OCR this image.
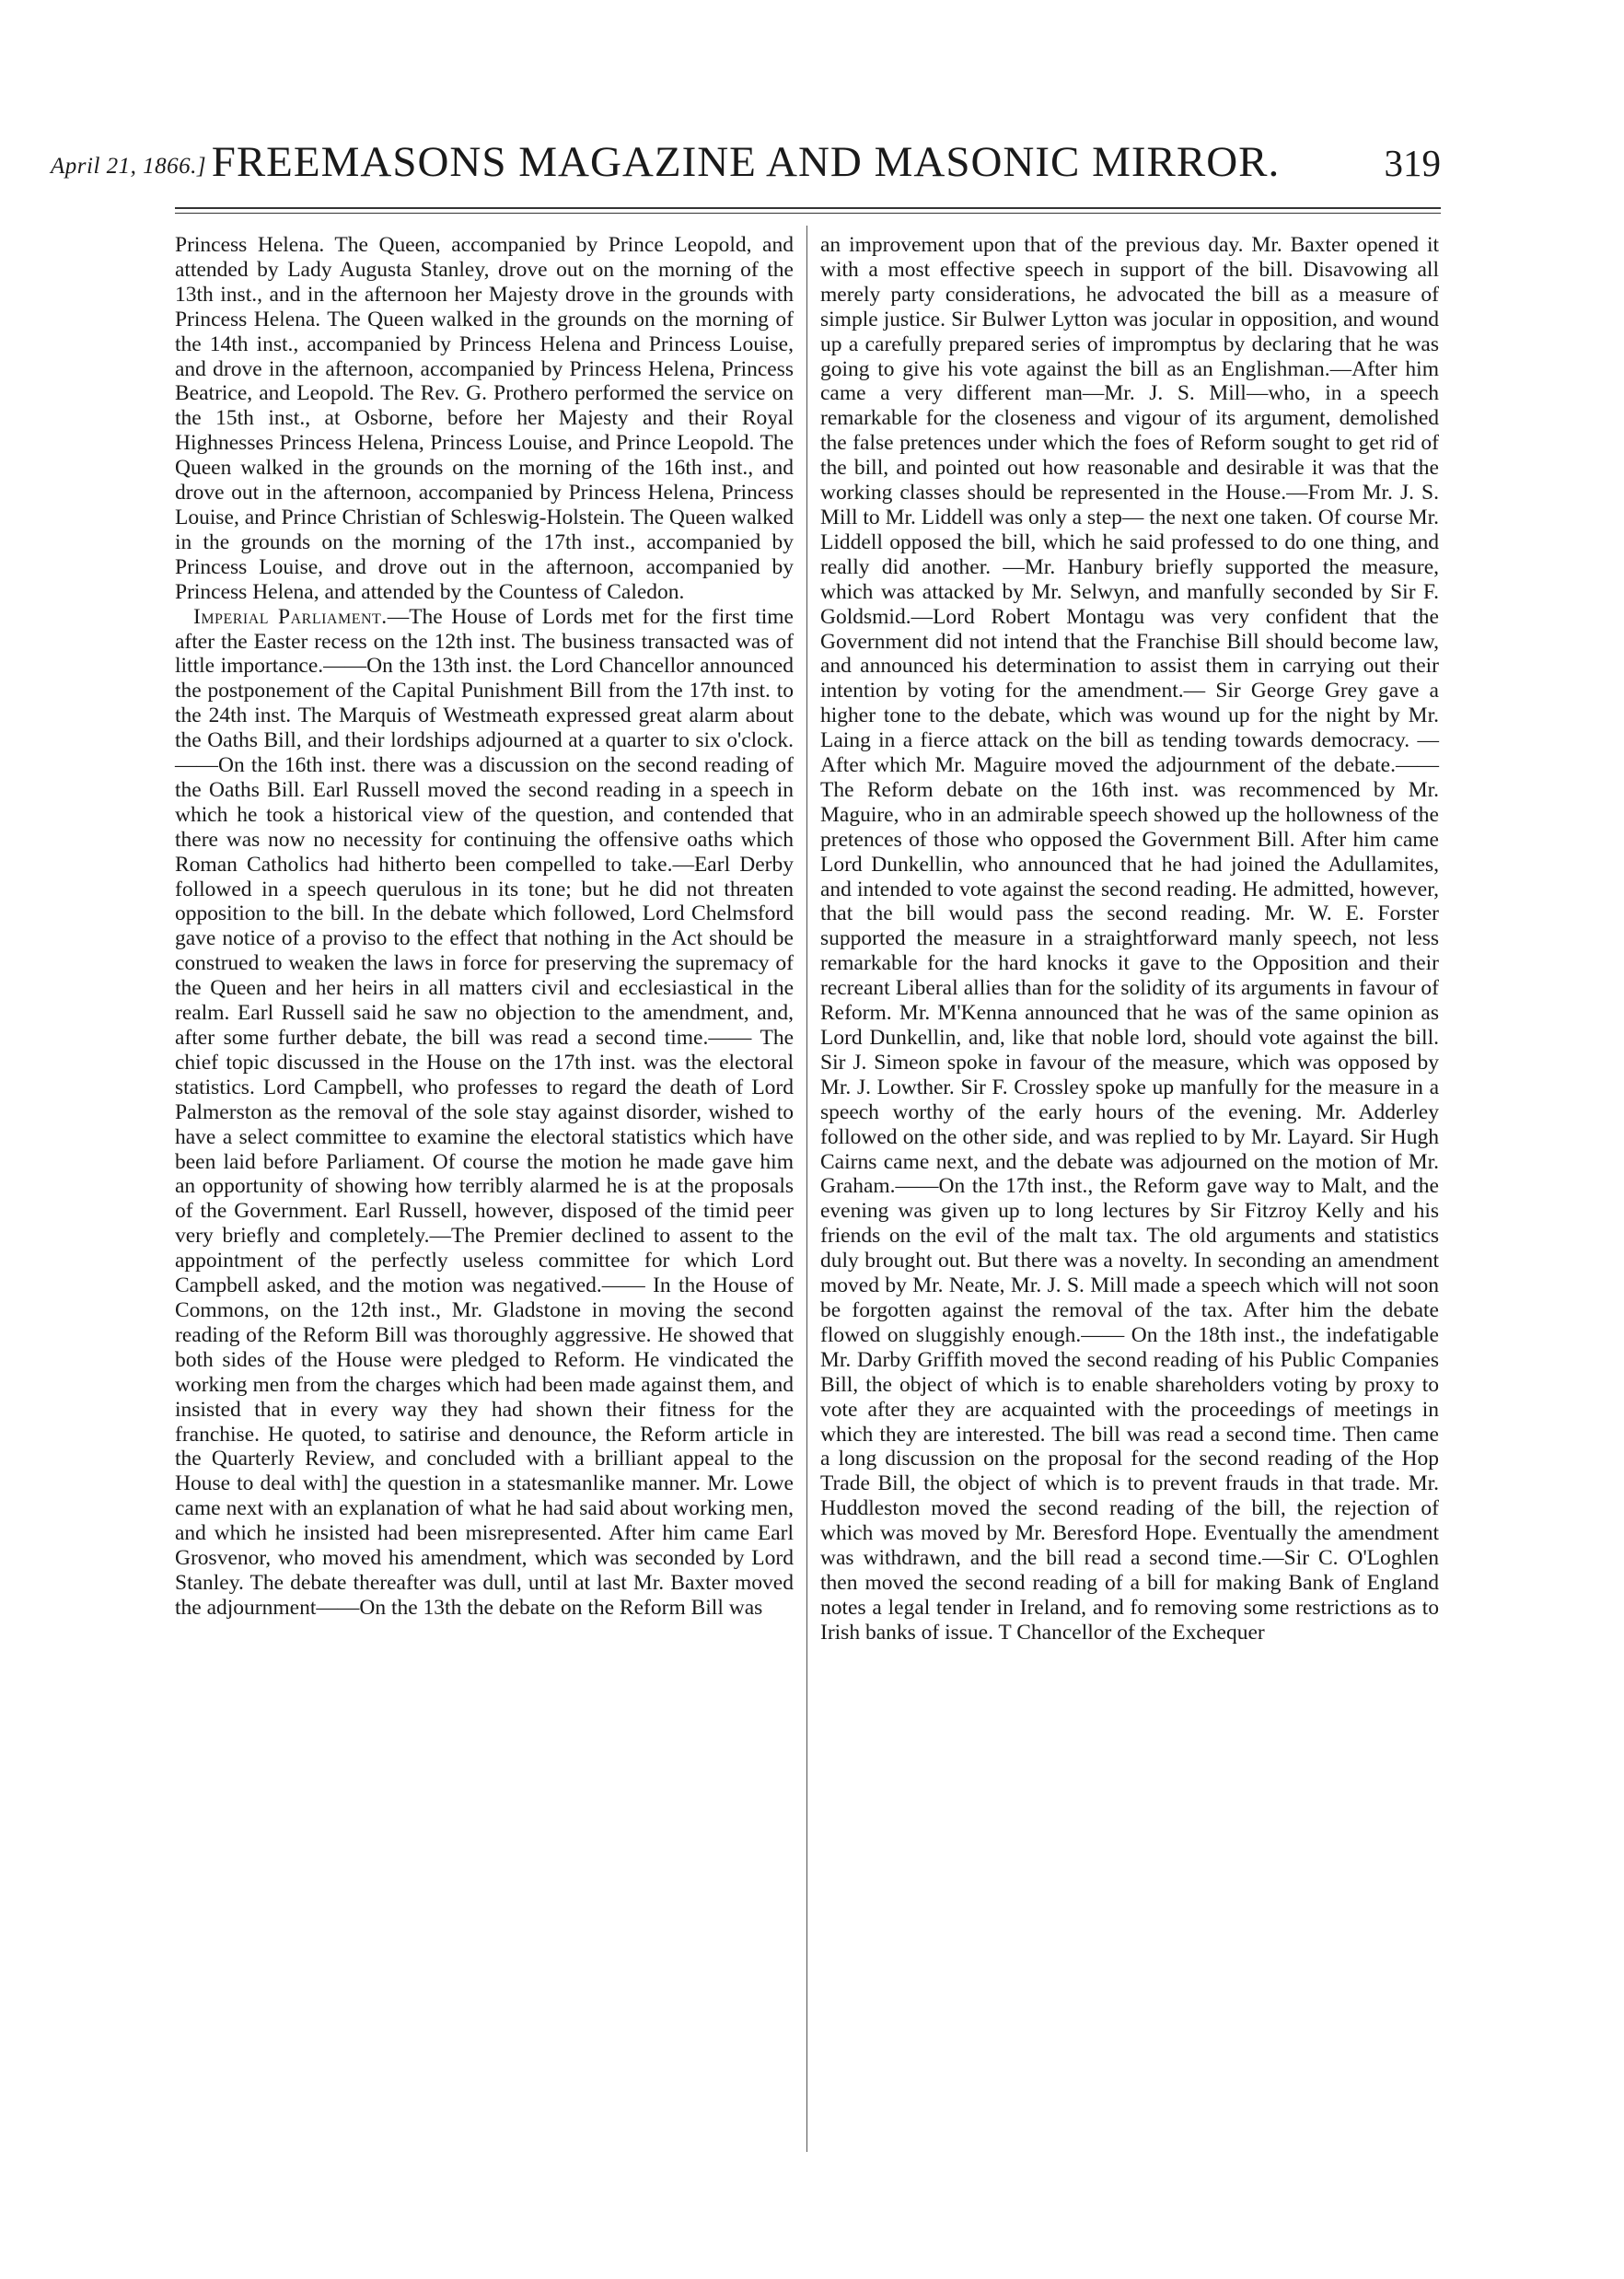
April 21, 1866.] FREEMASONS MAGAZINE AND MASONIC MIRROR.	319

Princess Helena. The Queen, accompanied by Prince Leopold, and attended by Lady Augusta Stanley, drove out on the morning of the 13th inst., and in the afternoon her Majesty drove in the grounds with Princess Helena. The Queen walked in the grounds on the morning of the 14th inst., accompanied by Princess Helena and Princess Louise, and drove in the afternoon, accompanied by Princess Helena, Princess Beatrice, and Leopold. The Rev. G. Prothero performed the service on the 15th inst., at Osborne, before her Majesty and their Royal Highnesses Princess Helena, Princess Louise, and Prince Leopold. The Queen walked in the grounds on the morning of the 16th inst., and drove out in the afternoon, accompanied by Princess Helena, Princess Louise, and Prince Christian of Schleswig-Holstein. The Queen walked in the grounds on the morning of the 17th inst., accompanied by Princess Louise, and drove out in the afternoon, accompanied by Princess Helena, and attended by the Countess of Caledon.

Imperial Parliament.—The House of Lords met for the first time after the Easter recess on the 12th inst. The business transacted was of little importance.——On the 13th inst. the Lord Chancellor announced the postponement of the Capital Punishment Bill from the 17th inst. to the 24th inst. The Marquis of Westmeath expressed great alarm about the Oaths Bill, and their lordships adjourned at a quarter to six o'clock. ——On the 16th inst. there was a discussion on the second reading of the Oaths Bill. Earl Russell moved the second reading in a speech in which he took a historical view of the question, and contended that there was now no necessity for continuing the offensive oaths which Roman Catholics had hitherto been compelled to take.—Earl Derby followed in a speech querulous in its tone; but he did not threaten opposition to the bill. In the debate which followed, Lord Chelmsford gave notice of a proviso to the effect that nothing in the Act should be construed to weaken the laws in force for preserving the supremacy of the Queen and her heirs in all matters civil and ecclesiastical in the realm. Earl Russell said he saw no objection to the amendment, and, after some further debate, the bill was read a second time.—— The chief topic discussed in the House on the 17th inst. was the electoral statistics. Lord Campbell, who professes to regard the death of Lord Palmerston as the removal of the sole stay against disorder, wished to have a select committee to examine the electoral statistics which have been laid before Parliament. Of course the motion he made gave him an opportunity of showing how terribly alarmed he is at the proposals of the Government. Earl Russell, however, disposed of the timid peer very briefly and completely.—The Premier declined to assent to the appointment of the perfectly useless committee for which Lord Campbell asked, and the motion was negatived.—— In the House of Commons, on the 12th inst., Mr. Gladstone in moving the second reading of the Reform Bill was thoroughly aggressive. He showed that both sides of the House were pledged to Reform. He vindicated the working men from the charges which had been made against them, and insisted that in every way they had shown their fitness for the franchise. He quoted, to satirise and denounce, the Reform article in the Quarterly Review, and concluded with a brilliant appeal to the House to deal with] the question in a statesmanlike manner. Mr. Lowe came next with an explanation of what he had said about working men, and which he insisted had been misrepresented. After him came Earl Grosvenor, who moved his amendment, which was seconded by Lord Stanley. The debate thereafter was dull, until at last Mr. Baxter moved the adjournment——On the 13th the debate on the Reform Bill was

an improvement upon that of the previous day. Mr. Baxter opened it with a most effective speech in support of the bill. Disavowing all merely party considerations, he advocated the bill as a measure of simple justice. Sir Bulwer Lytton was jocular in opposition, and wound up a carefully prepared series of impromptus by declaring that he was going to give his vote against the bill as an Englishman.—After him came a very different man—Mr. J. S. Mill—who, in a speech remarkable for the closeness and vigour of its argument, demolished the false pretences under which the foes of Reform sought to get rid of the bill, and pointed out how reasonable and desirable it was that the working classes should be represented in the House.—From Mr. J. S. Mill to Mr. Liddell was only a step— the next one taken. Of course Mr. Liddell opposed the bill, which he said professed to do one thing, and really did another. —Mr. Hanbury briefly supported the measure, which was attacked by Mr. Selwyn, and manfully seconded by Sir F. Goldsmid.—Lord Robert Montagu was very confident that the Government did not intend that the Franchise Bill should become law, and announced his determination to assist them in carrying out their intention by voting for the amendment.— Sir George Grey gave a higher tone to the debate, which was wound up for the night by Mr. Laing in a fierce attack on the bill as tending towards democracy. — After which Mr. Maguire moved the adjournment of the debate.—— The Reform debate on the 16th inst. was recommenced by Mr. Maguire, who in an admirable speech showed up the hollowness of the pretences of those who opposed the Government Bill. After him came Lord Dunkellin, who announced that he had joined the Adullamites, and intended to vote against the second reading. He admitted, however, that the bill would pass the second reading. Mr. W. E. Forster supported the measure in a straightforward manly speech, not less remarkable for the hard knocks it gave to the Opposition and their recreant Liberal allies than for the solidity of its arguments in favour of Reform. Mr. M'Kenna announced that he was of the same opinion as Lord Dunkellin, and, like that noble lord, should vote against the bill. Sir J. Simeon spoke in favour of the measure, which was opposed by Mr. J. Lowther. Sir F. Crossley spoke up manfully for the measure in a speech worthy of the early hours of the evening. Mr. Adderley followed on the other side, and was replied to by Mr. Layard. Sir Hugh Cairns came next, and the debate was adjourned on the motion of Mr. Graham.——On the 17th inst., the Reform gave way to Malt, and the evening was given up to long lectures by Sir Fitzroy Kelly and his friends on the evil of the malt tax. The old arguments and statistics duly brought out. But there was a novelty. In seconding an amendment moved by Mr. Neate, Mr. J. S. Mill made a speech which will not soon be forgotten against the removal of the tax. After him the debate flowed on sluggishly enough.—— On the 18th inst., the indefatigable Mr. Darby Griffith moved the second reading of his Public Companies Bill, the object of which is to enable shareholders voting by proxy to vote after they are acquainted with the proceedings of meetings in which they are interested. The bill was read a second time. Then came a long discussion on the proposal for the second reading of the Hop Trade Bill, the object of which is to prevent frauds in that trade. Mr. Huddleston moved the second reading of the bill, the rejection of which was moved by Mr. Beresford Hope. Eventually the amendment was withdrawn, and the bill read a second time.—Sir C. O'Loghlen then moved the second reading of a bill for making Bank of England notes a legal tender in Ireland, and fo removing some restrictions as to Irish banks of issue. T Chancellor of the Exchequer
